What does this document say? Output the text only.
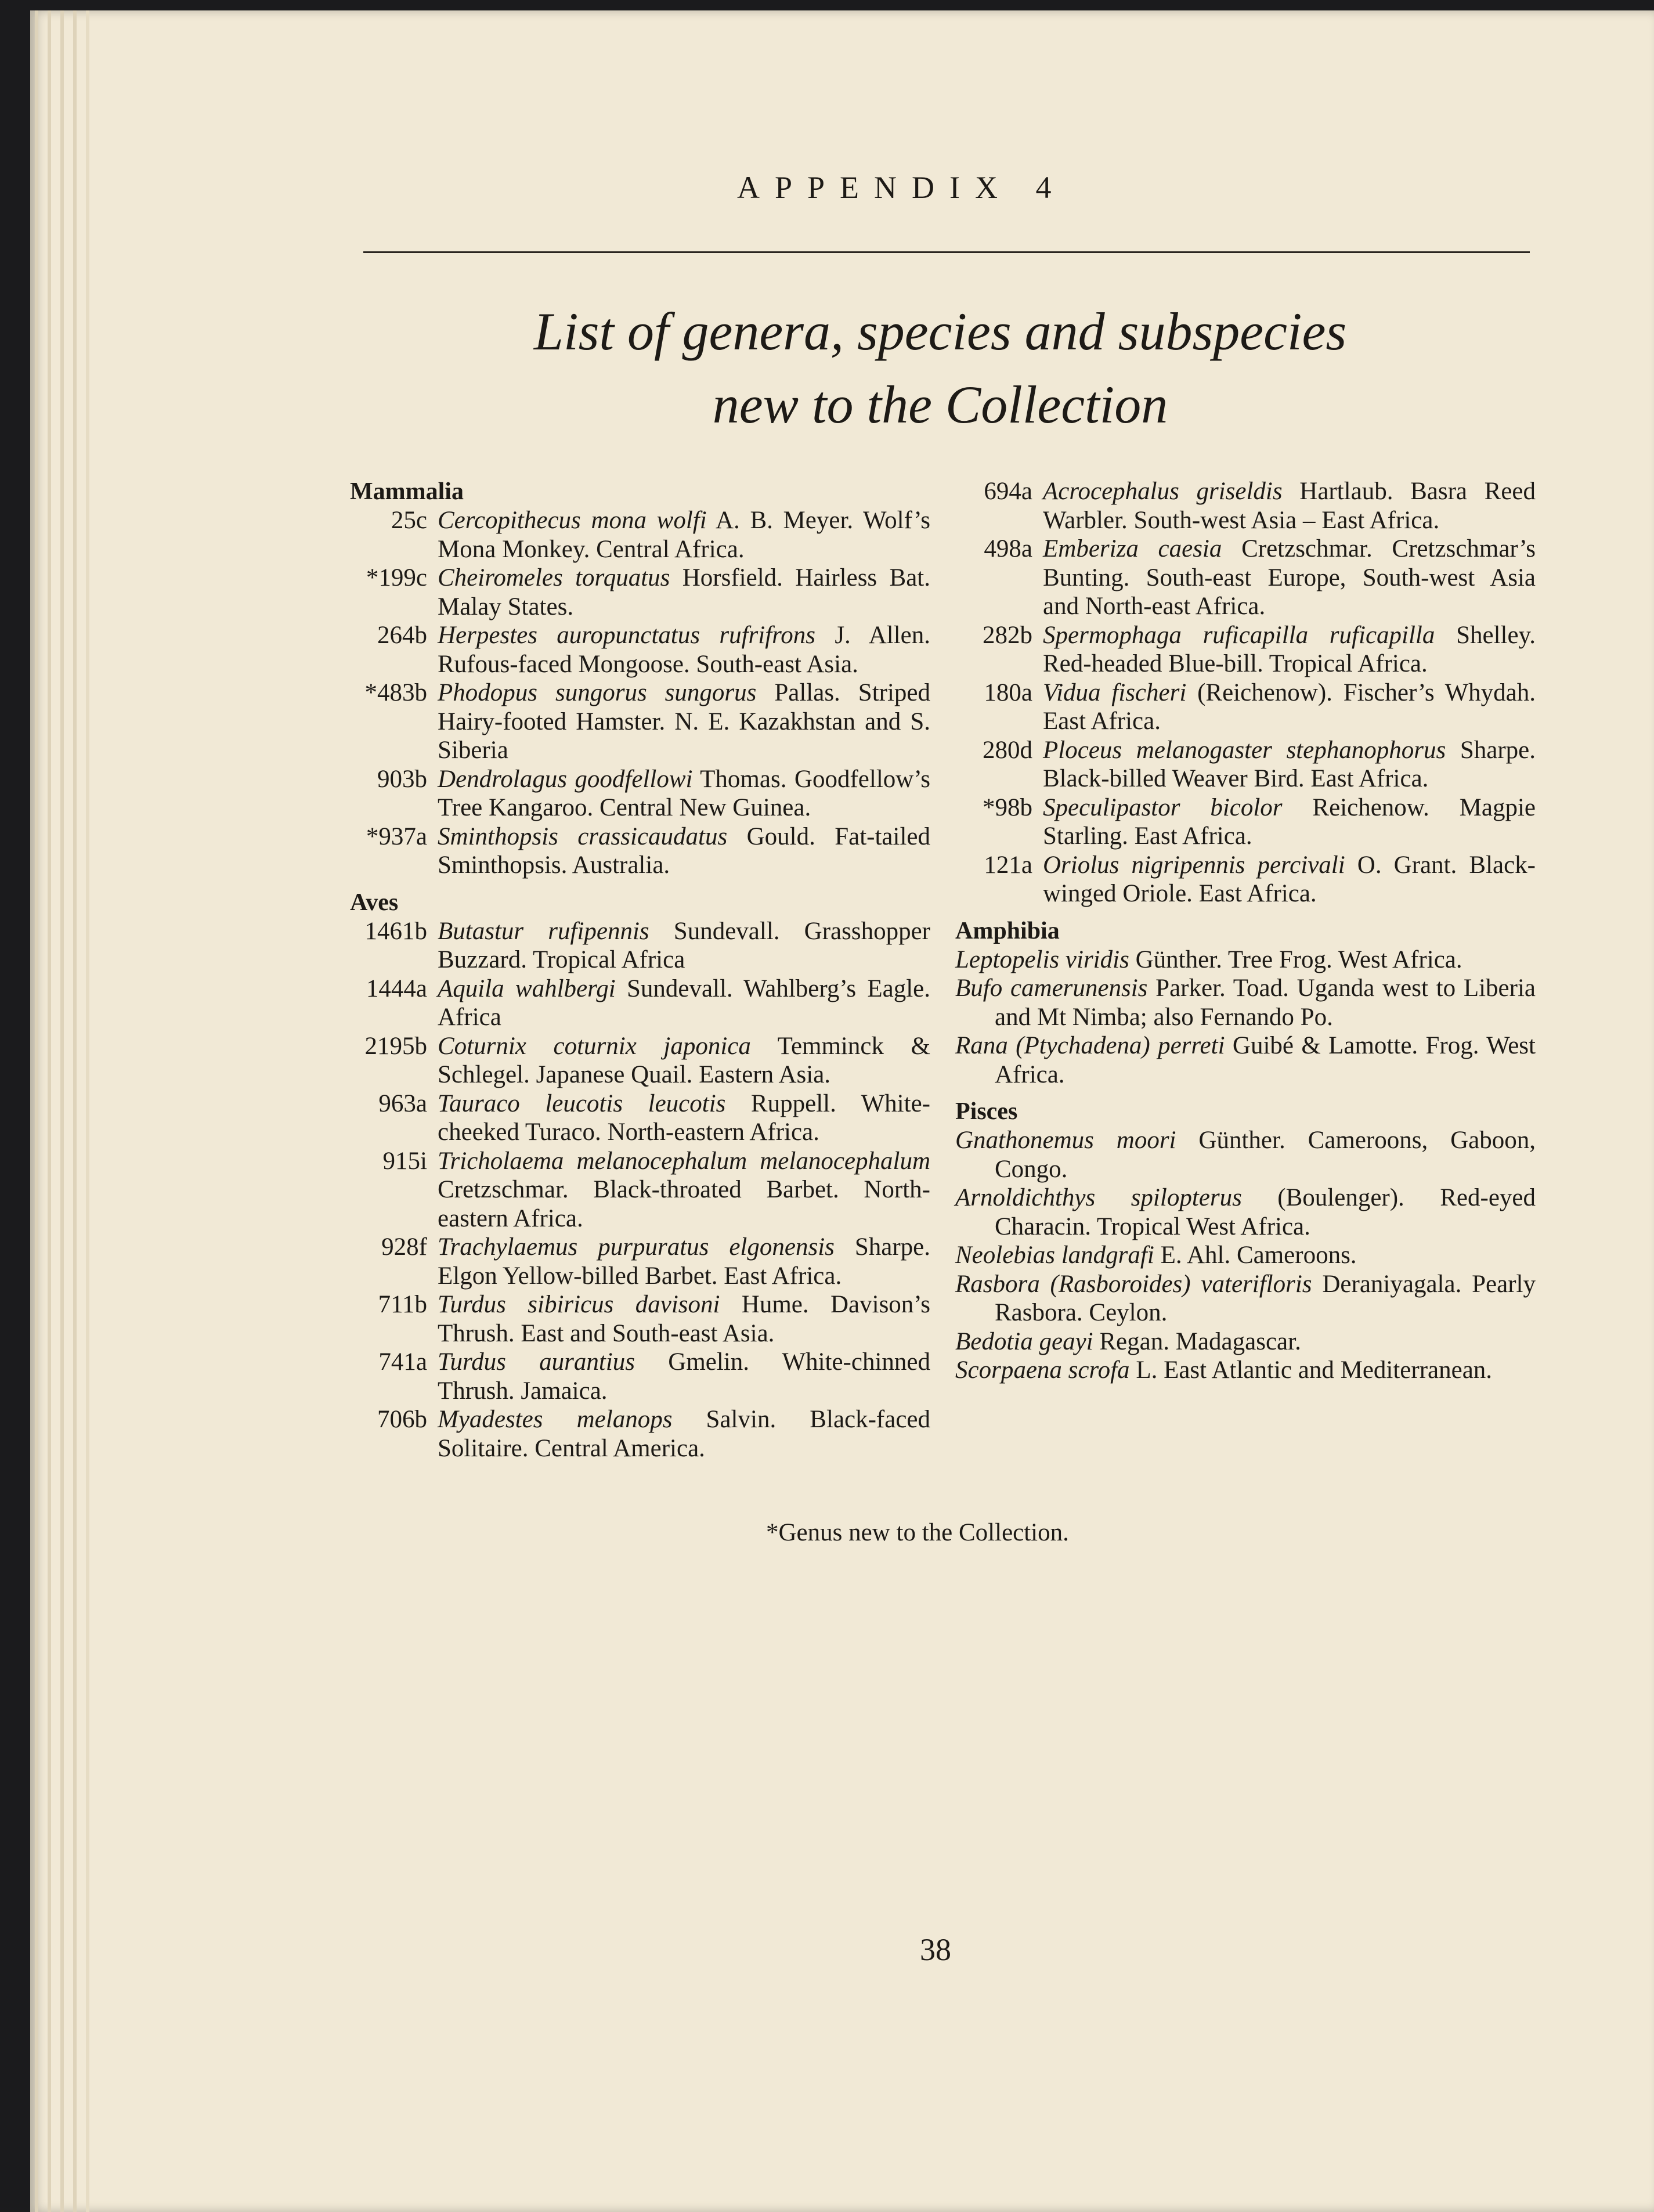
APPENDIX 4
List of genera, species and subspecies
new to the Collection
Mammalia
25c Cercopithecus mona wolfi A. B. Meyer. Wolf’s Mona Monkey. Central Africa.
*199c Cheiromeles torquatus Horsfield. Hairless Bat. Malay States.
264b Herpestes auropunctatus rufrifrons J. Allen. Rufous-faced Mongoose. South-east Asia.
*483b Phodopus sungorus sungorus Pallas. Striped Hairy-footed Hamster. N. E. Kazakhstan and S. Siberia
903b Dendrolagus goodfellowi Thomas. Goodfellow’s Tree Kangaroo. Central New Guinea.
*937a Sminthopsis crassicaudatus Gould. Fat-tailed Sminthopsis. Australia.
Aves
1461b Butastur rufipennis Sundevall. Grasshopper Buzzard. Tropical Africa
1444a Aquila wahlbergi Sundevall. Wahlberg’s Eagle. Africa
2195b Coturnix coturnix japonica Temminck & Schlegel. Japanese Quail. Eastern Asia.
963a Tauraco leucotis leucotis Ruppell. White-cheeked Turaco. North-eastern Africa.
915i Tricholaema melanocephalum melanocephalum Cretzschmar. Black-throated Barbet. North-eastern Africa.
928f Trachylaemus purpuratus elgonensis Sharpe. Elgon Yellow-billed Barbet. East Africa.
711b Turdus sibiricus davisoni Hume. Davison’s Thrush. East and South-east Asia.
741a Turdus aurantius Gmelin. White-chinned Thrush. Jamaica.
706b Myadestes melanops Salvin. Black-faced Solitaire. Central America.
694a Acrocephalus griseldis Hartlaub. Basra Reed Warbler. South-west Asia – East Africa.
498a Emberiza caesia Cretzschmar. Cretzschmar’s Bunting. South-east Europe, South-west Asia and North-east Africa.
282b Spermophaga ruficapilla ruficapilla Shelley. Red-headed Blue-bill. Tropical Africa.
180a Vidua fischeri (Reichenow). Fischer’s Whydah. East Africa.
280d Ploceus melanogaster stephanophorus Sharpe. Black-billed Weaver Bird. East Africa.
*98b Speculipastor bicolor Reichenow. Magpie Starling. East Africa.
121a Oriolus nigripennis percivali O. Grant. Black-winged Oriole. East Africa.
Amphibia
Leptopelis viridis Günther. Tree Frog. West Africa.
Bufo camerunensis Parker. Toad. Uganda west to Liberia and Mt Nimba; also Fernando Po.
Rana (Ptychadena) perreti Guibé & Lamotte. Frog. West Africa.
Pisces
Gnathonemus moori Günther. Cameroons, Gaboon, Congo.
Arnoldichthys spilopterus (Boulenger). Red-eyed Characin. Tropical West Africa.
Neolebias landgrafi E. Ahl. Cameroons.
Rasbora (Rasboroides) vaterifloris Deraniyagala. Pearly Rasbora. Ceylon.
Bedotia geayi Regan. Madagascar.
Scorpaena scrofa L. East Atlantic and Mediterranean.
*Genus new to the Collection.
38
